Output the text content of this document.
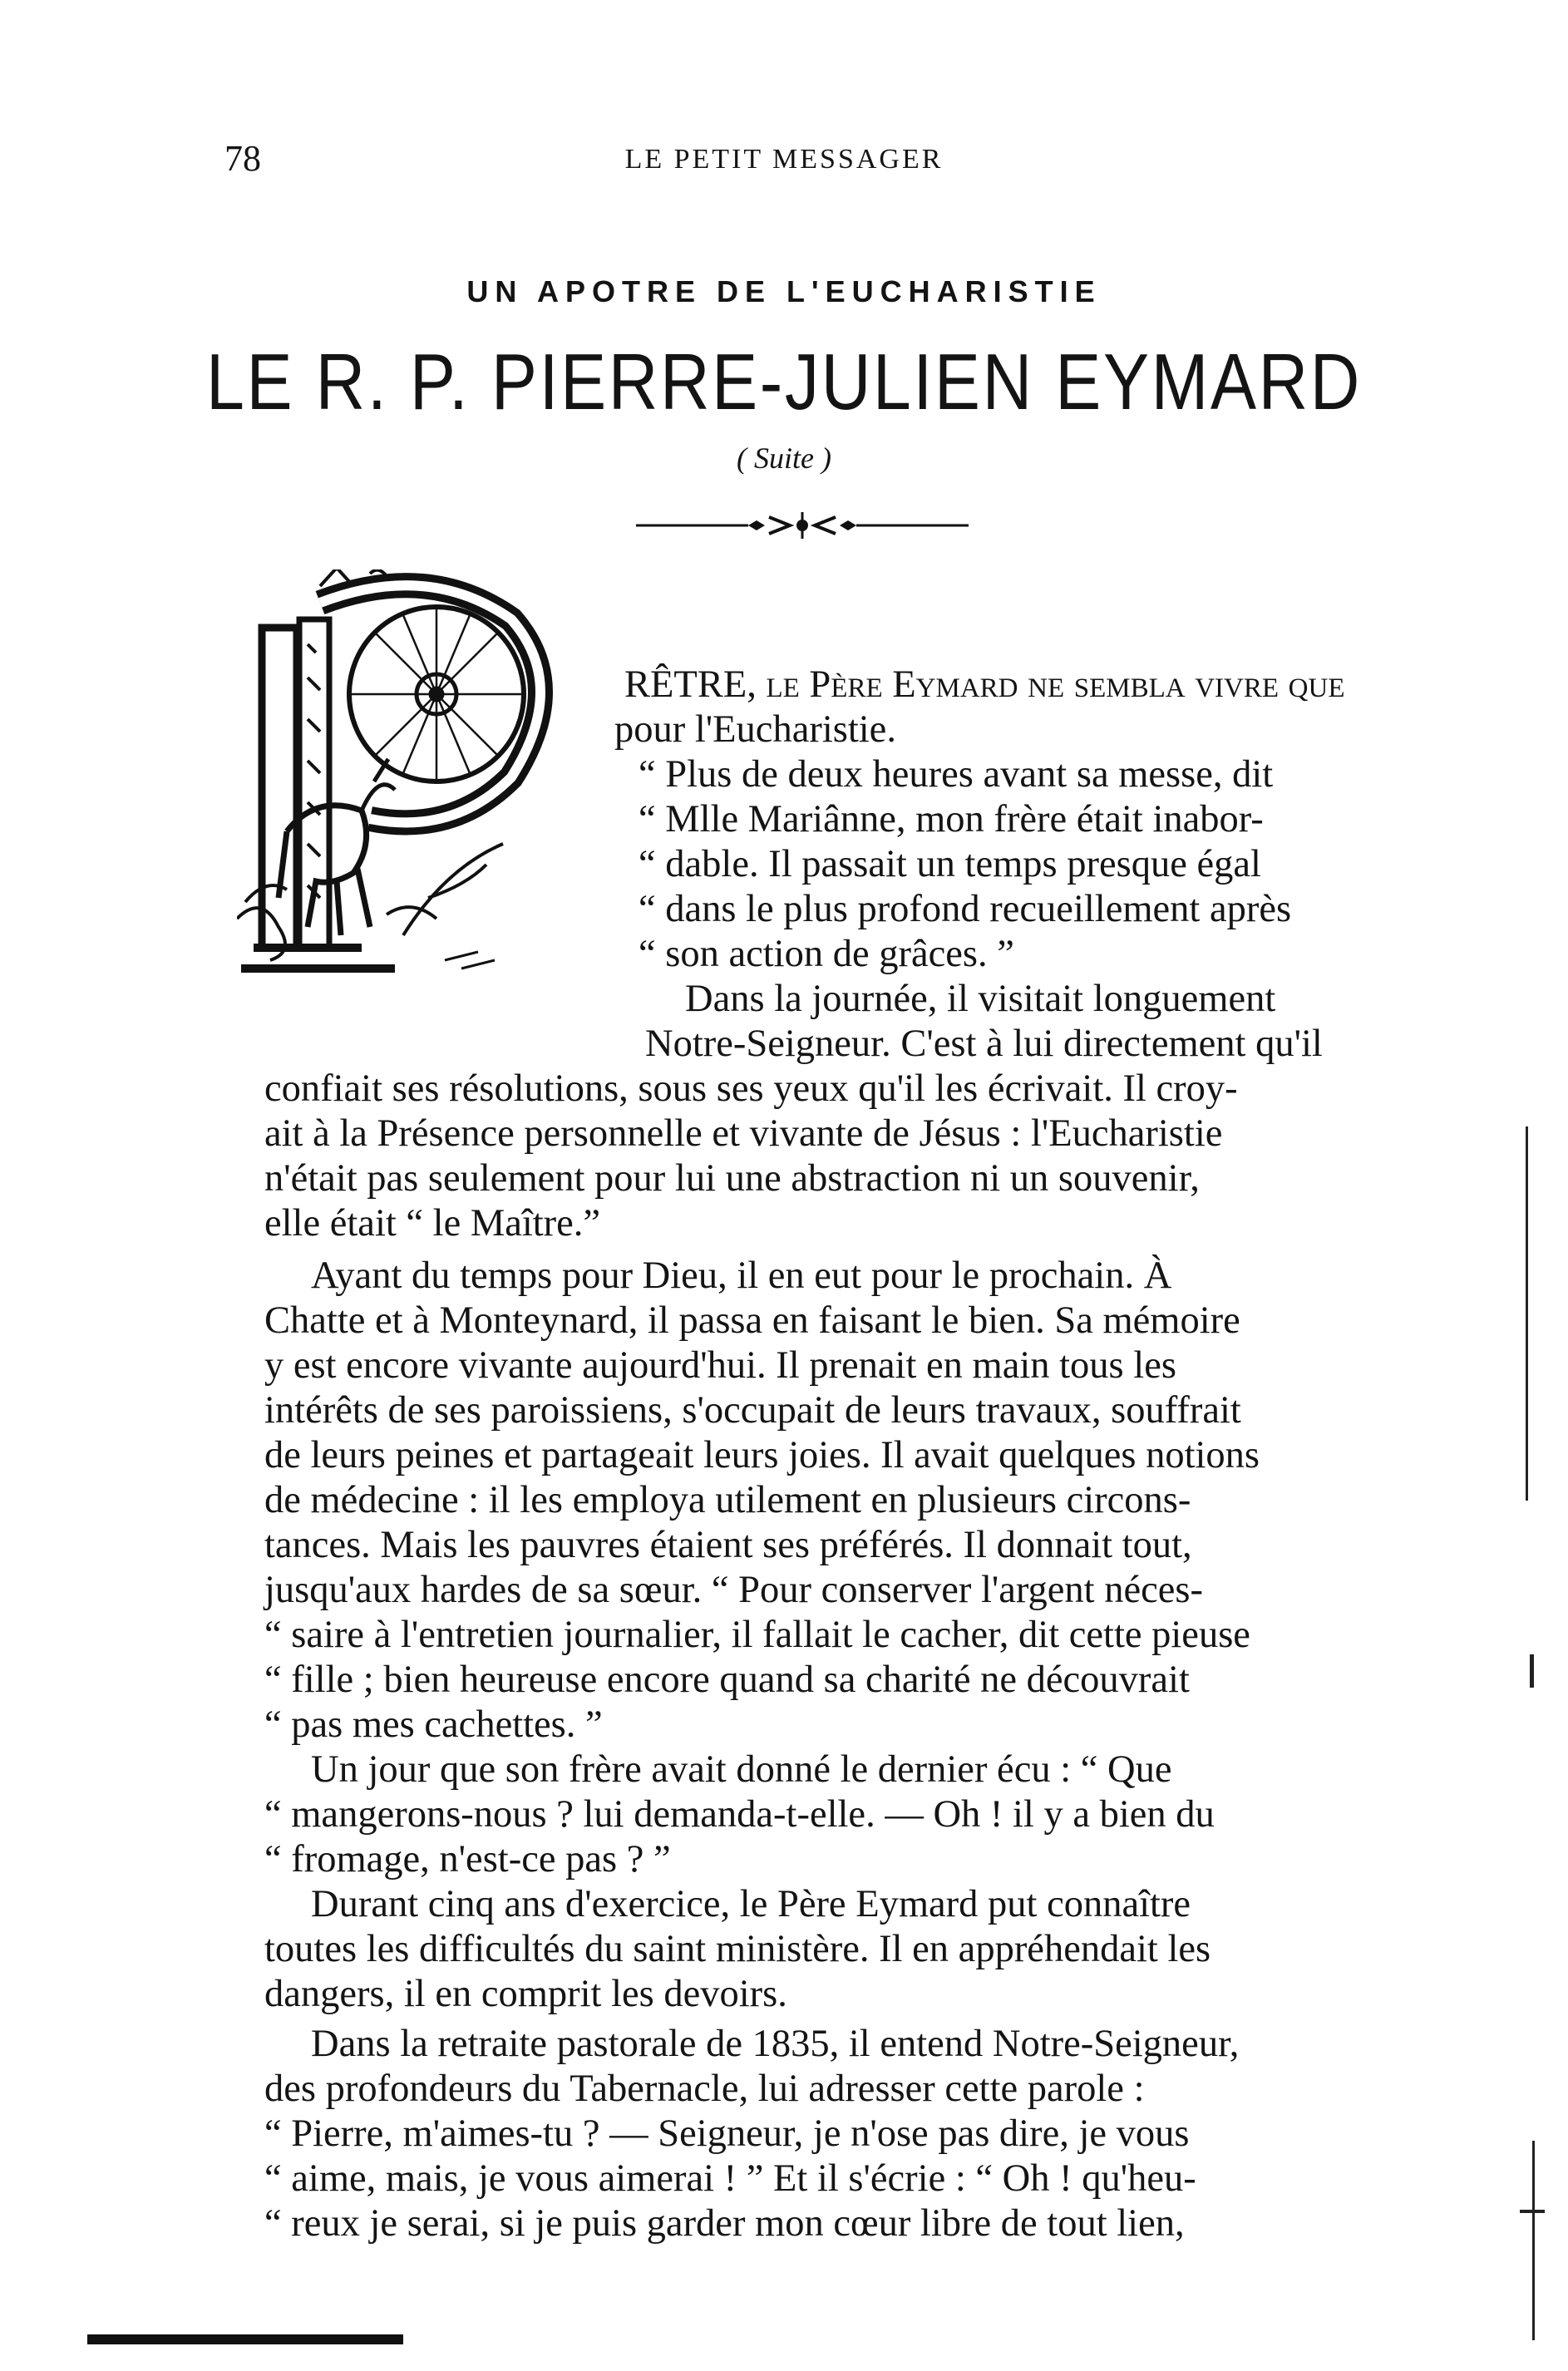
78	LE PETIT MESSAGER
UN APOTRE DE L'EUCHARISTIE
LE R. P. PIERRE-JULIEN EYMARD
( Suite )
RÊTRE, le Père Eymard ne sembla vivre que
pour l'Eucharistie.
“ Plus de deux heures avant sa messe, dit
“ Mlle Mariânne, mon frère était inabor-
“ dable. Il passait un temps presque égal
“ dans le plus profond recueillement après
“ son action de grâces. ”
Dans la journée, il visitait longuement
Notre-Seigneur. C'est à lui directement qu'il
confiait ses résolutions, sous ses yeux qu'il les écrivait. Il croy-
ait à la Présence personnelle et vivante de Jésus : l'Eucharistie
n'était pas seulement pour lui une abstraction ni un souvenir,
elle était “ le Maître.”
Ayant du temps pour Dieu, il en eut pour le prochain. À
Chatte et à Monteynard, il passa en faisant le bien. Sa mémoire
y est encore vivante aujourd'hui. Il prenait en main tous les
intérêts de ses paroissiens, s'occupait de leurs travaux, souffrait
de leurs peines et partageait leurs joies. Il avait quelques notions
de médecine : il les employa utilement en plusieurs circons-
tances. Mais les pauvres étaient ses préférés. Il donnait tout,
jusqu'aux hardes de sa sœur. “ Pour conserver l'argent néces-
“ saire à l'entretien journalier, il fallait le cacher, dit cette pieuse
“ fille ; bien heureuse encore quand sa charité ne découvrait
“ pas mes cachettes. ”
Un jour que son frère avait donné le dernier écu : “ Que
“ mangerons-nous ? lui demanda-t-elle. — Oh ! il y a bien du
“ fromage, n'est-ce pas ? ”
Durant cinq ans d'exercice, le Père Eymard put connaître
toutes les difficultés du saint ministère. Il en appréhendait les
dangers, il en comprit les devoirs.
Dans la retraite pastorale de 1835, il entend Notre-Seigneur,
des profondeurs du Tabernacle, lui adresser cette parole :
“ Pierre, m'aimes-tu ? — Seigneur, je n'ose pas dire, je vous
“ aime, mais, je vous aimerai ! ” Et il s'écrie : “ Oh ! qu'heu-
“ reux je serai, si je puis garder mon cœur libre de tout lien,
